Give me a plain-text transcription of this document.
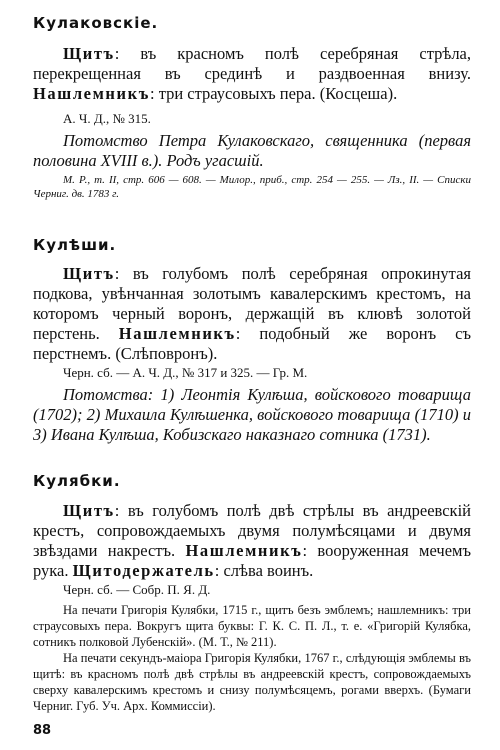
Кулаковскіе.
Щитъ: въ красномъ полѣ серебряная стрѣла, перекрещенная въ срединѣ и раздвоенная внизу. Нашлемникъ: три страусовыхъ пера. (Косцеша).
А. Ч. Д., № 315.
Потомство Петра Кулаковскаго, священника (первая половина XVIII в.). Родъ угасшій.
М. Р., т. II, стр. 606 — 608. — Милор., приб., стр. 254 — 255. — Лз., II. — Списки Черниг. дв. 1783 г.
Кулѣши.
Щитъ: въ голубомъ полѣ серебряная опрокинутая подкова, увѣнчанная золотымъ кавалерскимъ крестомъ, на которомъ черный воронъ, держащій въ клювѣ золотой перстень. Нашлемникъ: подобный же воронъ съ перстнемъ. (Слѣповронъ).
Черн. сб. — А. Ч. Д., № 317 и 325. — Гр. М.
Потомства: 1) Леонтія Кулѣша, войскового товарища (1702); 2) Михаила Кулѣшенка, войскового товарища (1710) и 3) Ивана Кулѣша, Кобизскаго наказнаго сотника (1731).
Кулябки.
Щитъ: въ голубомъ полѣ двѣ стрѣлы въ андреевскій крестъ, сопровождаемыхъ двумя полумѣсяцами и двумя звѣздами накрестъ. Нашлемникъ: вооруженная мечемъ рука. Щитодержатель: слѣва воинъ.
Черн. сб. — Собр. П. Я. Д.
На печати Григорія Кулябки, 1715 г., щитъ безъ эмблемъ; нашлемникъ: три страусовыхъ пера. Вокругъ щита буквы: Г. К. С. П. Л., т. е. «Григорій Кулябка, сотникъ полковой Лубенскій». (М. Т., № 211).
На печати секундъ-маіора Григорія Кулябки, 1767 г., слѣдующія эмблемы въ щитѣ: въ красномъ полѣ двѣ стрѣлы въ андреевскій крестъ, сопровождаемыхъ сверху кавалерскимъ крестомъ и снизу полумѣсяцемъ, рогами вверхъ. (Бумаги Черниг. Губ. Уч. Арх. Коммиссіи).
88
